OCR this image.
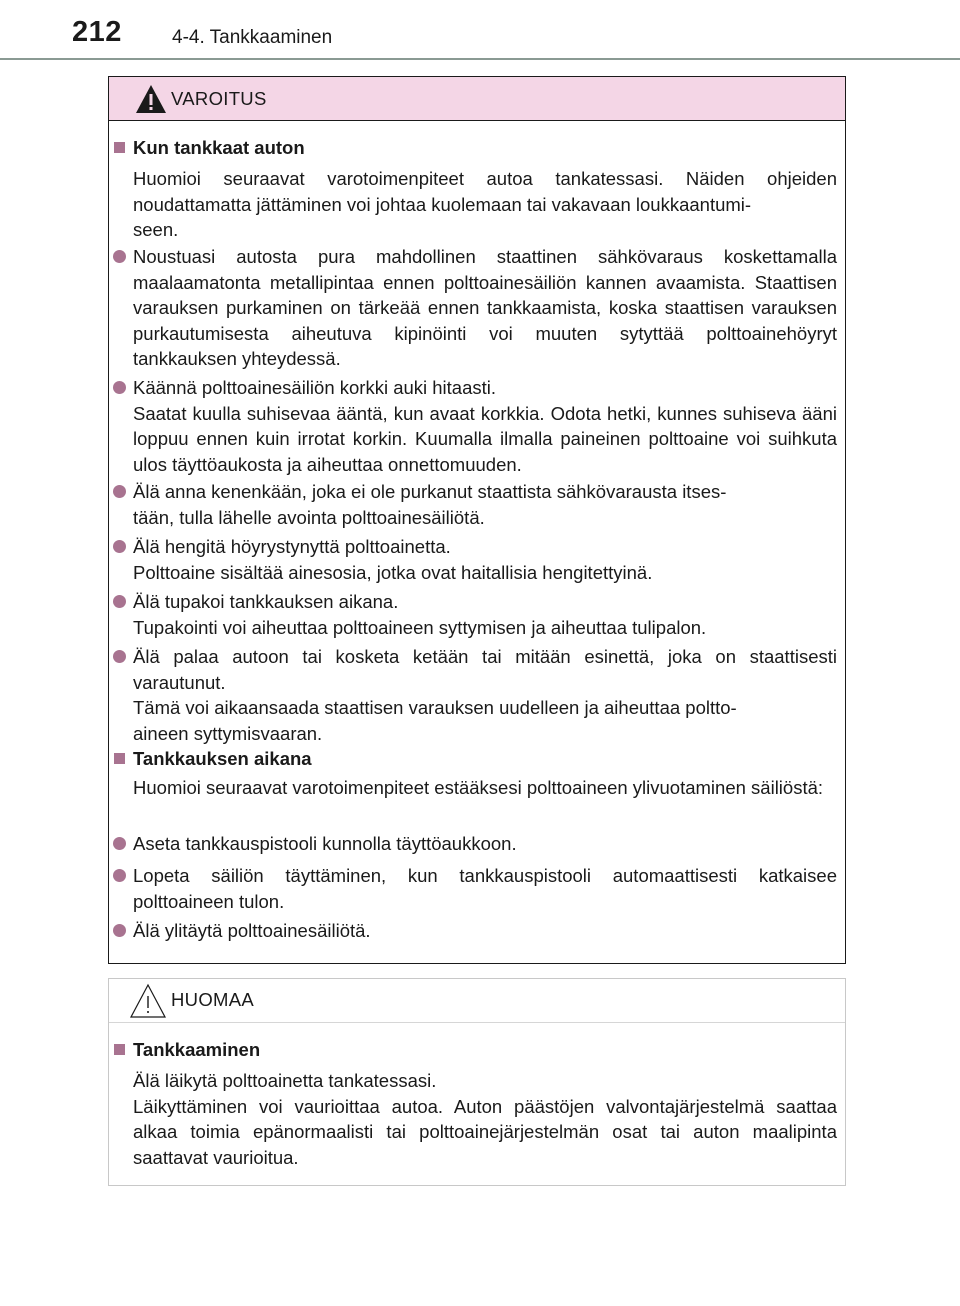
212	4-4. Tankkaaminen
VAROITUS
Kun tankkaat auton
Huomioi seuraavat varotoimenpiteet autoa tankatessasi. Näiden ohjeiden noudattamatta jättäminen voi johtaa kuolemaan tai vakavaan loukkaantumi-
seen.
Noustuasi autosta pura mahdollinen staattinen sähkövaraus koskettamalla maalaamatonta metallipintaa ennen polttoainesäiliön kannen avaamista. Staattisen varauksen purkaminen on tärkeää ennen tankkaamista, koska staattisen varauksen purkautumisesta aiheutuva kipinöinti voi muuten sytyttää polttoainehöyryt tankkauksen yhteydessä.
Käännä polttoainesäiliön korkki auki hitaasti.
Saatat kuulla suhisevaa ääntä, kun avaat korkkia. Odota hetki, kunnes suhiseva ääni loppuu ennen kuin irrotat korkin. Kuumalla ilmalla paineinen polttoaine voi suihkuta ulos täyttöaukosta ja aiheuttaa onnettomuuden.
Älä anna kenenkään, joka ei ole purkanut staattista sähkövarausta itses-
tään, tulla lähelle avointa polttoainesäiliötä.
Älä hengitä höyrystynyttä polttoainetta.
Polttoaine sisältää ainesosia, jotka ovat haitallisia hengitettyinä.
Älä tupakoi tankkauksen aikana.
Tupakointi voi aiheuttaa polttoaineen syttymisen ja aiheuttaa tulipalon.
Älä palaa autoon tai kosketa ketään tai mitään esinettä, joka on staattisesti varautunut.
Tämä voi aikaansaada staattisen varauksen uudelleen ja aiheuttaa poltto-
aineen syttymisvaaran.
Tankkauksen aikana
Huomioi seuraavat varotoimenpiteet estääksesi polttoaineen ylivuotaminen säiliöstä:
Aseta tankkauspistooli kunnolla täyttöaukkoon.
Lopeta säiliön täyttäminen, kun tankkauspistooli automaattisesti katkaisee polttoaineen tulon.
Älä ylitäytä polttoainesäiliötä.
HUOMAA
Tankkaaminen
Älä läikytä polttoainetta tankatessasi.
Läikyttäminen voi vaurioittaa autoa. Auton päästöjen valvontajärjestelmä saattaa alkaa toimia epänormaalisti tai polttoainejärjestelmän osat tai auton maalipinta saattavat vaurioitua.
